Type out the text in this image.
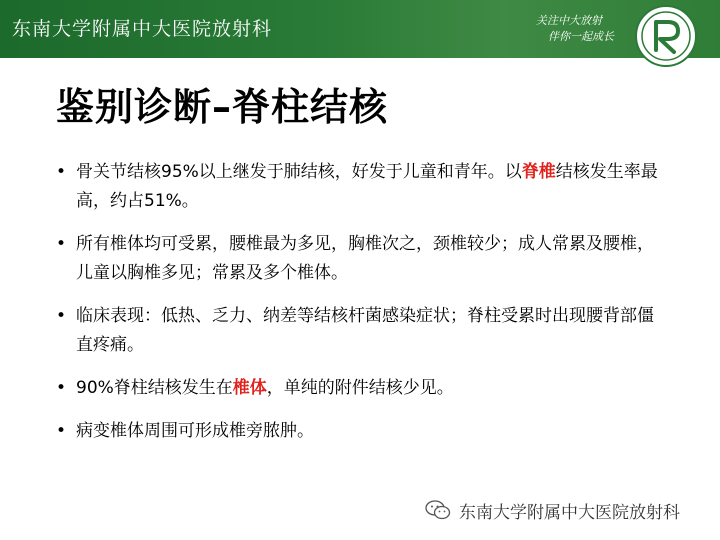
东南大学附属中大医院放射科	关注中大放射
伴你一起成长
鉴别诊断–脊柱结核
• 骨关节结核95%以上继发于肺结核，好发于儿童和青年。以脊椎结核发生率最高，约占51%。
• 所有椎体均可受累，腰椎最为多见，胸椎次之，颈椎较少；成人常累及腰椎，儿童以胸椎多见；常累及多个椎体。
• 临床表现：低热、乏力、纳差等结核杆菌感染症状；脊柱受累时出现腰背部僵直疼痛。
• 90%脊柱结核发生在椎体，单纯的附件结核少见。
• 病变椎体周围可形成椎旁脓肿。
东南大学附属中大医院放射科
